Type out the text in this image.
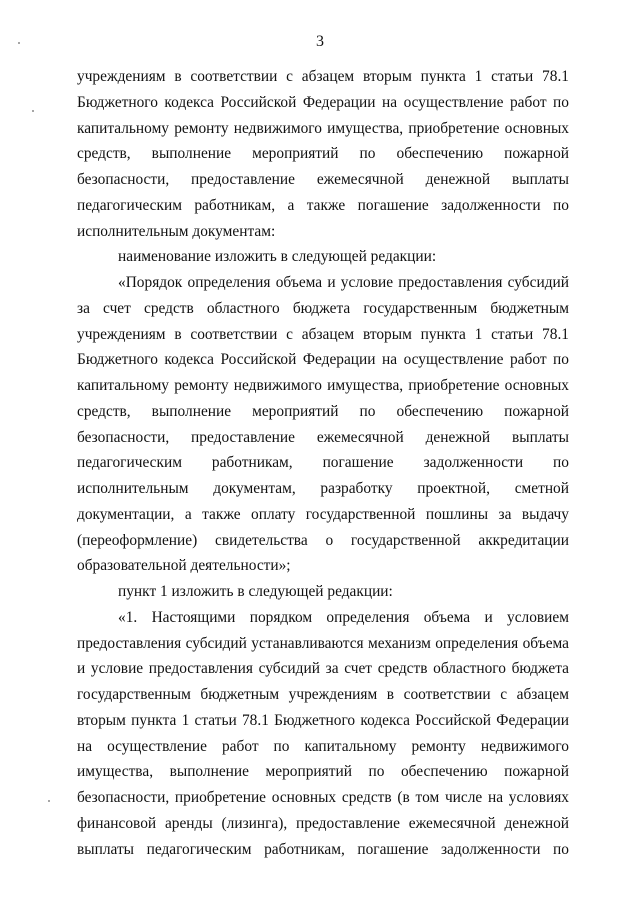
3
учреждениям в соответствии с абзацем вторым пункта 1 статьи 78.1
Бюджетного кодекса Российской Федерации на осуществление работ по
капитальному ремонту недвижимого имущества, приобретение основных
средств, выполнение мероприятий по обеспечению пожарной
безопасности, предоставление ежемесячной денежной выплаты
педагогическим работникам, а также погашение задолженности по
исполнительным документам:
наименование изложить в следующей редакции:
«Порядок определения объема и условие предоставления субсидий
за счет средств областного бюджета государственным бюджетным
учреждениям в соответствии с абзацем вторым пункта 1 статьи 78.1
Бюджетного кодекса Российской Федерации на осуществление работ по
капитальному ремонту недвижимого имущества, приобретение основных
средств, выполнение мероприятий по обеспечению пожарной
безопасности, предоставление ежемесячной денежной выплаты
педагогическим работникам, погашение задолженности по
исполнительным документам, разработку проектной, сметной
документации, а также оплату государственной пошлины за выдачу
(переоформление) свидетельства о государственной аккредитации
образовательной деятельности»;
пункт 1 изложить в следующей редакции:
«1. Настоящими порядком определения объема и условием
предоставления субсидий устанавливаются механизм определения объема
и условие предоставления субсидий за счет средств областного бюджета
государственным бюджетным учреждениям в соответствии с абзацем
вторым пункта 1 статьи 78.1 Бюджетного кодекса Российской Федерации
на осуществление работ по капитальному ремонту недвижимого
имущества, выполнение мероприятий по обеспечению пожарной
безопасности, приобретение основных средств (в том числе на условиях
финансовой аренды (лизинга), предоставление ежемесячной денежной
выплаты педагогическим работникам, погашение задолженности по
